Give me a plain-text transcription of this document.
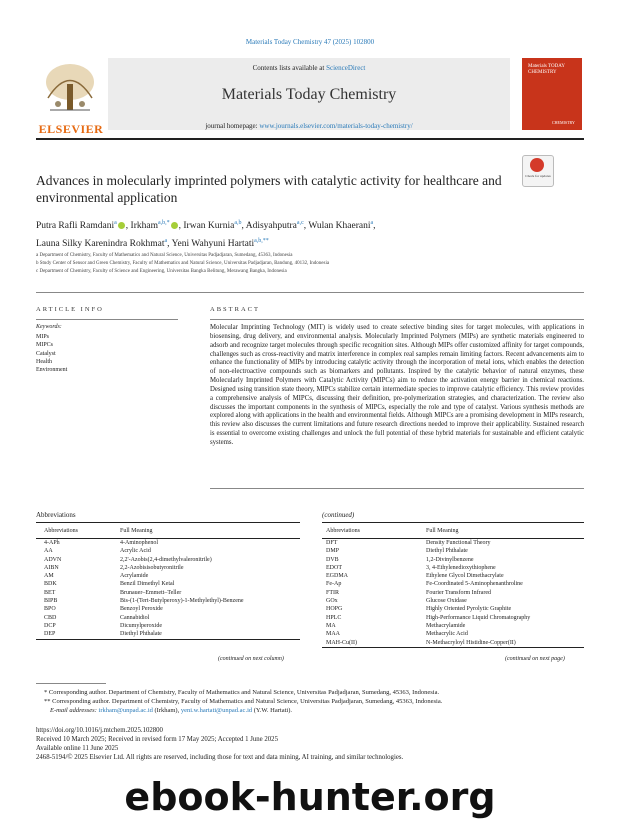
Materials Today Chemistry 47 (2025) 102800
ELSEVIER
Contents lists available at ScienceDirect
Materials Today Chemistry
journal homepage: www.journals.elsevier.com/materials-today-chemistry/
Materials TODAY CHEMISTRY
CHEMISTRY
Check for updates
Advances in molecularly imprinted polymers with catalytic activity for healthcare and environmental application
Putra Rafli Ramdani$^a$ , Irkham$^{a,b,*}$ , Irwan Kurnia$^{a,b}$, Adisyahputra$^{a,c}$, Wulan Khaerani$^a$,
Launa Silky Karenindra Rokhmat$^a$, Yeni Wahyuni Hartati$^{a,b,**}$
a Department of Chemistry, Faculty of Mathematics and Natural Science, Universitas Padjadjaran, Sumedang, 45363, Indonesia
b Study Center of Sensor and Green Chemistry, Faculty of Mathematics and Natural Science, Universitas Padjadjaran, Bandung, 40132, Indonesia
c Department of Chemistry, Faculty of Science and Engineering, Universitas Bangka Belitung, Merawang Bangka, Indonesia
ARTICLE INFO	ABSTRACT
Keywords:
MIPs
MIPCs
Catalyst
Health
Environment
Molecular Imprinting Technology (MIT) is widely used to create selective binding sites for target molecules, with applications in biosensing, drug delivery, and environmental analysis. Molecularly Imprinted Polymers (MIPs) are synthetic materials engineered to adsorb and recognize target molecules through specific recognition sites. Although MIPs offer customized affinity for target compounds, challenges such as cross-reactivity and matrix interference in complex real samples remain limiting factors. Recent advancements aim to enhance the functionality of MIPs by introducing catalytic activity through the incorporation of metal ions, which enables the detection of non-electroactive compounds such as biomarkers and pollutants. Inspired by the catalytic behavior of natural enzymes, these Molecularly Imprinted Polymers with Catalytic Activity (MIPCs) aim to reduce the activation energy barrier in chemical reactions. Designed using transition state theory, MIPCs stabilize certain intermediate species to improve catalytic efficiency. This review provides a comprehensive analysis of MIPCs, discussing their definition, pre-polymerization strategies, and characterization. The review also discusses the important components in the synthesis of MIPCs, especially the role and type of catalyst. Various synthesis methods are explored along with applications in the health and environmental fields. Although MIPCs are a promising development in MIPs research, this review also discusses the current limitations and future research directions needed to improve their applicability. Sustained research is essential to overcome existing challenges and unlock the full potential of these hybrid materials for sustainable and efficient catalytic systems.
Abbreviations	(continued)
Abbreviations	Full Meaning
4-APh	4-Aminophenol
AA	Acrylic Acid
ADVN	2,2'-Azobis(2,4-dimethylvaleronitrile)
AIBN	2,2-Azobisisobutyronitrile
AM	Acrylamide
BDK	Benzil Dimethyl Ketal
BET	Brunauer–Emmett–Teller
BIPB	Bis-(1-(Tert-Butylperoxy)-1-Methylethyl)-Benzene
BPO	Benzoyl Peroxide
CBD	Cannabidiol
DCP	Dicumylperoxide
DEP	Diethyl Phthalate
(continued on next column)
Abbreviations	Full Meaning
DFT	Density Functional Theory
DMP	Diethyl Phthalate
DVB	1,2-Divinylbenzene
EDOT	3, 4-Ethylenedioxythiophene
EGDMA	Ethylene Glycol Dimethacrylate
Fe-Ap	Fe-Coordinated 5-Aminophenanthroline
FTIR	Fourier Transform Infrared
GOx	Glucose Oxidase
HOPG	Highly Oriented Pyrolytic Graphite
HPLC	High-Performance Liquid Chromatography
MA	Methacrylamide
MAA	Methacrylic Acid
MAH-Cu(II)	N-Methacryloyl Histidine-Copper(II)
(continued on next page)
* Corresponding author. Department of Chemistry, Faculty of Mathematics and Natural Science, Universitas Padjadjaran, Sumedang, 45363, Indonesia.
** Corresponding author. Department of Chemistry, Faculty of Mathematics and Natural Science, Universitas Padjadjaran, Sumedang, 45363, Indonesia.
E-mail addresses: irkham@unpad.ac.id (Irkham), yeni.w.hartati@unpad.ac.id (Y.W. Hartati).
https://doi.org/10.1016/j.mtchem.2025.102800
Received 10 March 2025; Received in revised form 17 May 2025; Accepted 1 June 2025
Available online 11 June 2025
2468-5194/© 2025 Elsevier Ltd. All rights are reserved, including those for text and data mining, AI training, and similar technologies.
ebook-hunter.org
